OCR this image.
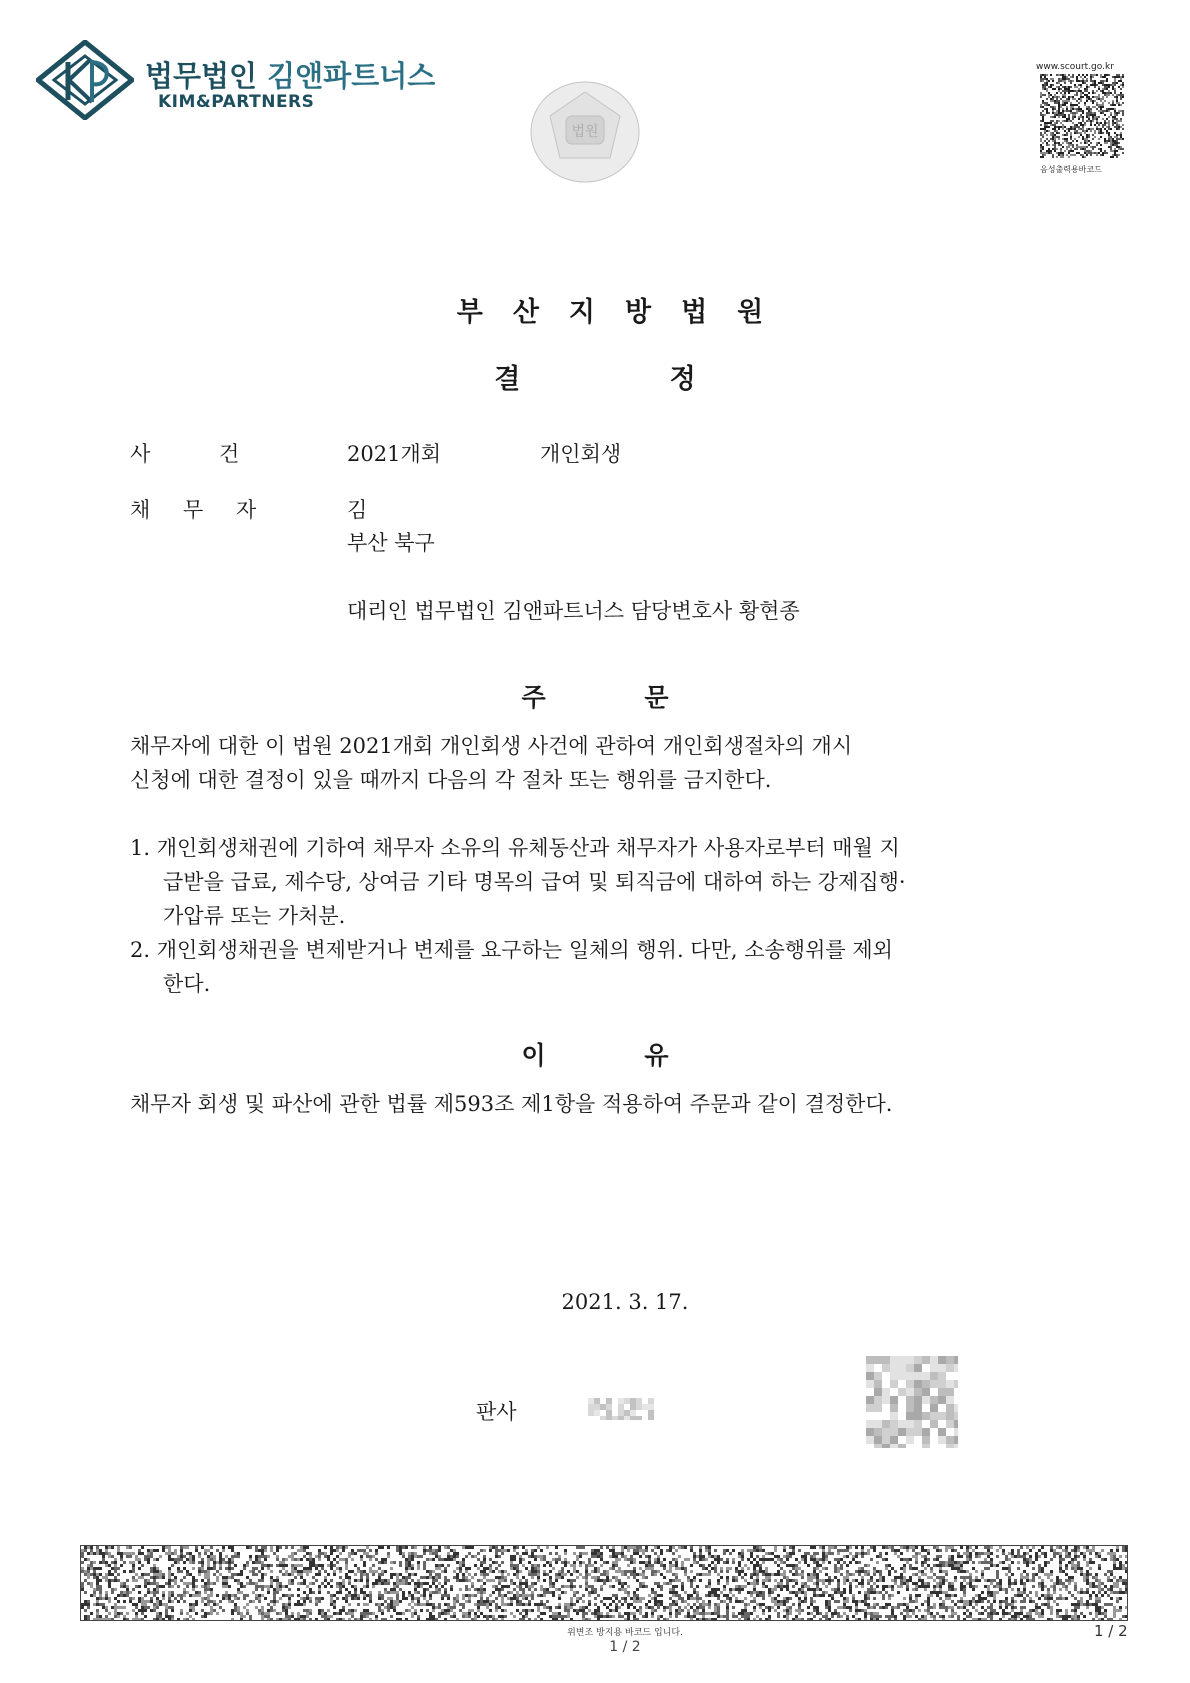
법무법인 김앤파트너스
KIM&PARTNERS
법원
www.scourt.go.kr
음성출력용바코드
부산지방법원
결 정
사 건	2021개회	개인회생
채 무 자	김
부산 북구
대리인 법무법인 김앤파트너스 담당변호사 황현종
주 문
채무자에 대한 이 법원 2021개회 개인회생 사건에 관하여 개인회생절차의 개시
신청에 대한 결정이 있을 때까지 다음의 각 절차 또는 행위를 금지한다.
1. 개인회생채권에 기하여 채무자 소유의 유체동산과 채무자가 사용자로부터 매월 지
급받을 급료, 제수당, 상여금 기타 명목의 급여 및 퇴직금에 대하여 하는 강제집행·
가압류 또는 가처분.
2. 개인회생채권을 변제받거나 변제를 요구하는 일체의 행위. 다만, 소송행위를 제외
한다.
이 유
채무자 회생 및 파산에 관한 법률 제593조 제1항을 적용하여 주문과 같이 결정한다.
2021. 3. 17.
판사
위변조 방지용 바코드 입니다.
1 / 2
1 / 2
